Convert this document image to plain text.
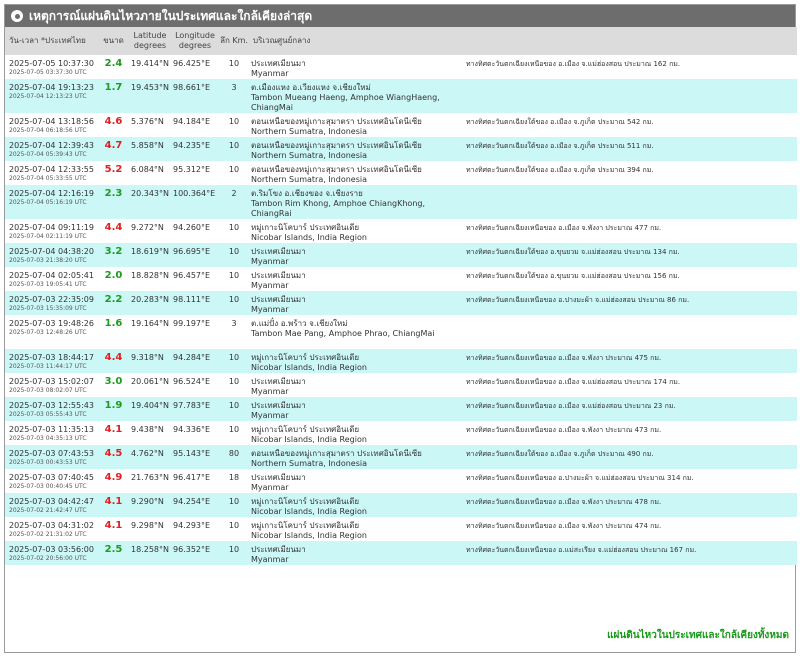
เหตุการณ์แผ่นดินไหวภายในประเทศและใกล้เคียงล่าสุด
วัน-เวลา *ประเทศไทย	ขนาด	Latitude degrees	Longitude degrees	ลึก Km.	บริเวณศูนย์กลาง	

2025-07-05 10:37:30
2025-07-05 03:37:30 UTC	2.4	19.414°N	96.425°E	10	ประเทศเมียนมา
Myanmar	ทางทิศตะวันตกเฉียงเหนือของ อ.เมือง จ.แม่ฮ่องสอน ประมาณ 162 กม.

2025-07-04 19:13:23
2025-07-04 12:13:23 UTC	1.7	19.453°N	98.661°E	3	ต.เมืองแหง อ.เวียงแหง จ.เชียงใหม่
Tambon Mueang Haeng, Amphoe WiangHaeng, ChiangMai	

2025-07-04 13:18:56
2025-07-04 06:18:56 UTC	4.6	5.376°N	94.184°E	10	ตอนเหนือของหมู่เกาะสุมาตรา ประเทศอินโดนีเซีย
Northern Sumatra, Indonesia	ทางทิศตะวันตกเฉียงใต้ของ อ.เมือง จ.ภูเก็ต ประมาณ 542 กม.

2025-07-04 12:39:43
2025-07-04 05:39:43 UTC	4.7	5.858°N	94.235°E	10	ตอนเหนือของหมู่เกาะสุมาตรา ประเทศอินโดนีเซีย
Northern Sumatra, Indonesia	ทางทิศตะวันตกเฉียงใต้ของ อ.เมือง จ.ภูเก็ต ประมาณ 511 กม.

2025-07-04 12:33:55
2025-07-04 05:33:55 UTC	5.2	6.084°N	95.312°E	10	ตอนเหนือของหมู่เกาะสุมาตรา ประเทศอินโดนีเซีย
Northern Sumatra, Indonesia	ทางทิศตะวันตกเฉียงใต้ของ อ.เมือง จ.ภูเก็ต ประมาณ 394 กม.

2025-07-04 12:16:19
2025-07-04 05:16:19 UTC	2.3	20.343°N	100.364°E	2	ต.ริมโขง อ.เชียงของ จ.เชียงราย
Tambon Rim Khong, Amphoe ChiangKhong, ChiangRai	

2025-07-04 09:11:19
2025-07-04 02:11:19 UTC	4.4	9.272°N	94.260°E	10	หมู่เกาะนิโคบาร์ ประเทศอินเดีย
Nicobar Islands, India Region	ทางทิศตะวันตกเฉียงเหนือของ อ.เมือง จ.พังงา ประมาณ 477 กม.

2025-07-04 04:38:20
2025-07-03 21:38:20 UTC	3.2	18.619°N	96.695°E	10	ประเทศเมียนมา
Myanmar	ทางทิศตะวันตกเฉียงใต้ของ อ.ขุนยวม จ.แม่ฮ่องสอน ประมาณ 134 กม.

2025-07-04 02:05:41
2025-07-03 19:05:41 UTC	2.0	18.828°N	96.457°E	10	ประเทศเมียนมา
Myanmar	ทางทิศตะวันตกเฉียงใต้ของ อ.ขุนยวม จ.แม่ฮ่องสอน ประมาณ 156 กม.

2025-07-03 22:35:09
2025-07-03 15:35:09 UTC	2.2	20.283°N	98.111°E	10	ประเทศเมียนมา
Myanmar	ทางทิศตะวันตกเฉียงเหนือของ อ.ปางมะผ้า จ.แม่ฮ่องสอน ประมาณ 86 กม.

2025-07-03 19:48:26
2025-07-03 12:48:26 UTC	1.6	19.164°N	99.197°E	3	ต.แม่ปั๋ง อ.พร้าว จ.เชียงใหม่
Tambon Mae Pang, Amphoe Phrao, ChiangMai	

2025-07-03 18:44:17
2025-07-03 11:44:17 UTC	4.4	9.318°N	94.284°E	10	หมู่เกาะนิโคบาร์ ประเทศอินเดีย
Nicobar Islands, India Region	ทางทิศตะวันตกเฉียงเหนือของ อ.เมือง จ.พังงา ประมาณ 475 กม.

2025-07-03 15:02:07
2025-07-03 08:02:07 UTC	3.0	20.061°N	96.524°E	10	ประเทศเมียนมา
Myanmar	ทางทิศตะวันตกเฉียงเหนือของ อ.เมือง จ.แม่ฮ่องสอน ประมาณ 174 กม.

2025-07-03 12:55:43
2025-07-03 05:55:43 UTC	1.9	19.404°N	97.783°E	10	ประเทศเมียนมา
Myanmar	ทางทิศตะวันตกเฉียงเหนือของ อ.เมือง จ.แม่ฮ่องสอน ประมาณ 23 กม.

2025-07-03 11:35:13
2025-07-03 04:35:13 UTC	4.1	9.438°N	94.336°E	10	หมู่เกาะนิโคบาร์ ประเทศอินเดีย
Nicobar Islands, India Region	ทางทิศตะวันตกเฉียงเหนือของ อ.เมือง จ.พังงา ประมาณ 473 กม.

2025-07-03 07:43:53
2025-07-03 00:43:53 UTC	4.5	4.762°N	95.143°E	80	ตอนเหนือของหมู่เกาะสุมาตรา ประเทศอินโดนีเซีย
Northern Sumatra, Indonesia	ทางทิศตะวันตกเฉียงใต้ของ อ.เมือง จ.ภูเก็ต ประมาณ 490 กม.

2025-07-03 07:40:45
2025-07-03 00:40:45 UTC	4.9	21.763°N	96.417°E	18	ประเทศเมียนมา
Myanmar	ทางทิศตะวันตกเฉียงเหนือของ อ.ปางมะผ้า จ.แม่ฮ่องสอน ประมาณ 314 กม.

2025-07-03 04:42:47
2025-07-02 21:42:47 UTC	4.1	9.290°N	94.254°E	10	หมู่เกาะนิโคบาร์ ประเทศอินเดีย
Nicobar Islands, India Region	ทางทิศตะวันตกเฉียงเหนือของ อ.เมือง จ.พังงา ประมาณ 478 กม.

2025-07-03 04:31:02
2025-07-02 21:31:02 UTC	4.1	9.298°N	94.293°E	10	หมู่เกาะนิโคบาร์ ประเทศอินเดีย
Nicobar Islands, India Region	ทางทิศตะวันตกเฉียงเหนือของ อ.เมือง จ.พังงา ประมาณ 474 กม.

2025-07-03 03:56:00
2025-07-02 20:56:00 UTC	2.5	18.258°N	96.352°E	10	ประเทศเมียนมา
Myanmar	ทางทิศตะวันตกเฉียงเหนือของ อ.แม่สะเรียง จ.แม่ฮ่องสอน ประมาณ 167 กม.
แผ่นดินไหวในประเทศและใกล้เคียงทั้งหมด
